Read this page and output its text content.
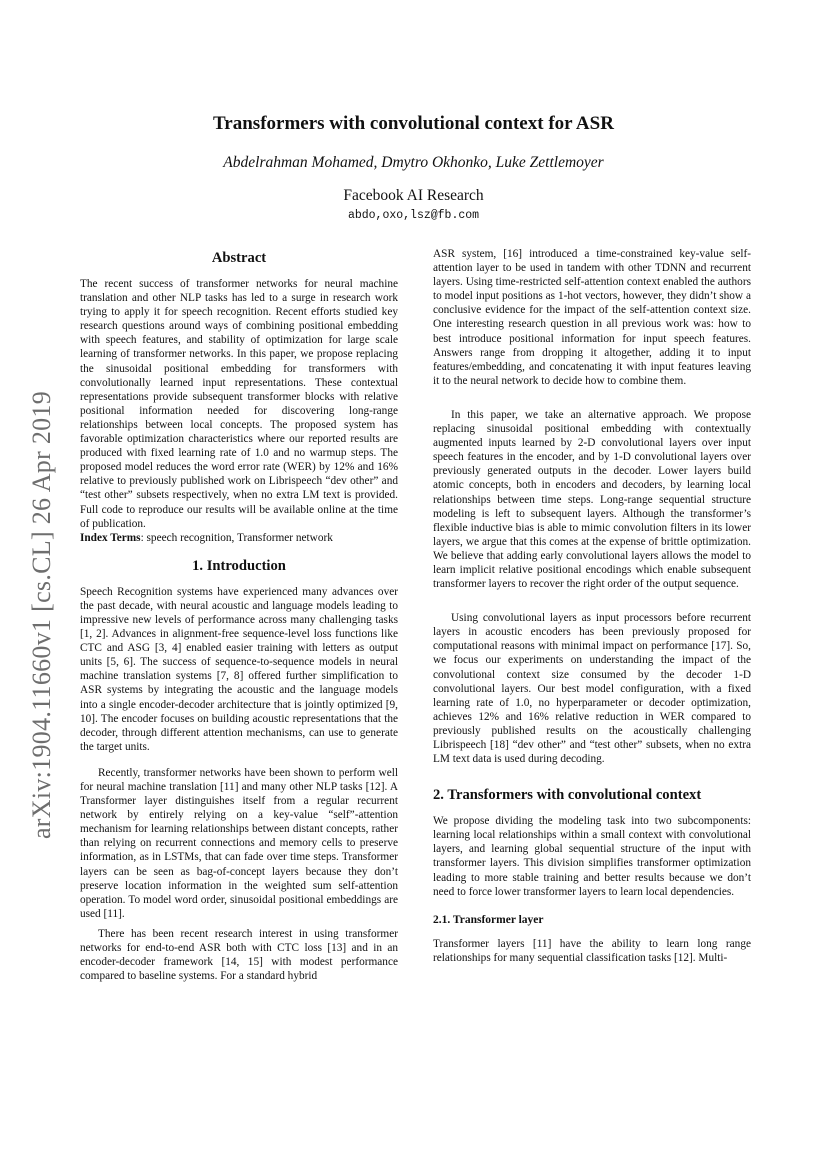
arXiv:1904.11660v1 [cs.CL] 26 Apr 2019
Transformers with convolutional context for ASR
Abdelrahman Mohamed, Dmytro Okhonko, Luke Zettlemoyer
Facebook AI Research
abdo,oxo,lsz@fb.com
Abstract

The recent success of transformer networks for neural machine translation and other NLP tasks has led to a surge in research work trying to apply it for speech recognition. Recent efforts studied key research questions around ways of combining positional embedding with speech features, and stability of optimization for large scale learning of transformer networks. In this paper, we propose replacing the sinusoidal positional embedding for transformers with convolutionally learned input representations. These contextual representations provide subsequent transformer blocks with relative positional information needed for discovering long-range relationships between local concepts. The proposed system has favorable optimization characteristics where our reported results are produced with fixed learning rate of 1.0 and no warmup steps. The proposed model reduces the word error rate (WER) by 12% and 16% relative to previously published work on Librispeech “dev other” and “test other” subsets respectively, when no extra LM text is provided. Full code to reproduce our results will be available online at the time of publication.

Index Terms: speech recognition, Transformer network

1. Introduction

Speech Recognition systems have experienced many advances over the past decade, with neural acoustic and language models leading to impressive new levels of performance across many challenging tasks [1, 2]. Advances in alignment-free sequence-level loss functions like CTC and ASG [3, 4] enabled easier training with letters as output units [5, 6]. The success of sequence-to-sequence models in neural machine translation systems [7, 8] offered further simplification to ASR systems by integrating the acoustic and the language models into a single encoder-decoder architecture that is jointly optimized [9, 10]. The encoder focuses on building acoustic representations that the decoder, through different attention mechanisms, can use to generate the target units.

Recently, transformer networks have been shown to perform well for neural machine translation [11] and many other NLP tasks [12]. A Transformer layer distinguishes itself from a regular recurrent network by entirely relying on a key-value “self”-attention mechanism for learning relationships between distant concepts, rather than relying on recurrent connections and memory cells to preserve information, as in LSTMs, that can fade over time steps. Transformer layers can be seen as bag-of-concept layers because they don’t preserve location information in the weighted sum self-attention operation. To model word order, sinusoidal positional embeddings are used [11].

There has been recent research interest in using transformer networks for end-to-end ASR both with CTC loss [13] and in an encoder-decoder framework [14, 15] with modest performance compared to baseline systems. For a standard hybrid

ASR system, [16] introduced a time-constrained key-value self-attention layer to be used in tandem with other TDNN and recurrent layers. Using time-restricted self-attention context enabled the authors to model input positions as 1-hot vectors, however, they didn’t show a conclusive evidence for the impact of the self-attention context size. One interesting research question in all previous work was: how to best introduce positional information for input speech features. Answers range from dropping it altogether, adding it to input features/embedding, and concatenating it with input features leaving it to the neural network to decide how to combine them.

In this paper, we take an alternative approach. We propose replacing sinusoidal positional embedding with contextually augmented inputs learned by 2-D convolutional layers over input speech features in the encoder, and by 1-D convolutional layers over previously generated outputs in the decoder. Lower layers build atomic concepts, both in encoders and decoders, by learning local relationships between time steps. Long-range sequential structure modeling is left to subsequent layers. Although the transformer’s flexible inductive bias is able to mimic convolution filters in its lower layers, we argue that this comes at the expense of brittle optimization. We believe that adding early convolutional layers allows the model to learn implicit relative positional encodings which enable subsequent transformer layers to recover the right order of the output sequence.

Using convolutional layers as input processors before recurrent layers in acoustic encoders has been previously proposed for computational reasons with minimal impact on performance [17]. So, we focus our experiments on understanding the impact of the convolutional context size consumed by the decoder 1-D convolutional layers. Our best model configuration, with a fixed learning rate of 1.0, no hyperparameter or decoder optimization, achieves 12% and 16% relative reduction in WER compared to previously published results on the acoustically challenging Librispeech [18] “dev other” and “test other” subsets, when no extra LM text data is used during decoding.

2. Transformers with convolutional context

We propose dividing the modeling task into two subcomponents: learning local relationships within a small context with convolutional layers, and learning global sequential structure of the input with transformer layers. This division simplifies transformer optimization leading to more stable training and better results because we don’t need to force lower transformer layers to learn local dependencies.

2.1. Transformer layer

Transformer layers [11] have the ability to learn long range relationships for many sequential classification tasks [12]. Multi-
